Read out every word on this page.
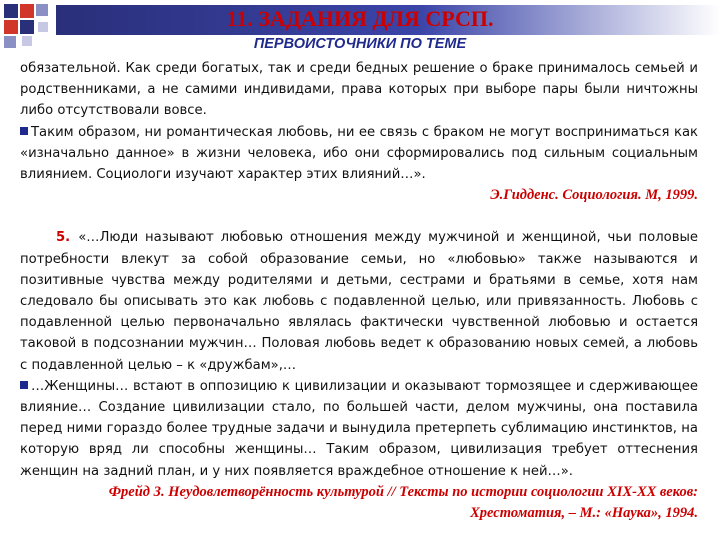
11. ЗАДАНИЯ ДЛЯ СРСП.
ПЕРВОИСТОЧНИКИ ПО ТЕМЕ

обязательной. Как среди богатых, так и среди бедных решение о браке принималось семьей и родственниками, а не самими индивидами, права которых при выборе пары были ничтожны либо отсутствовали вовсе.

Таким образом, ни романтическая любовь, ни ее связь с браком не могут восприниматься как «изначально данное» в жизни человека, ибо они сформировались под сильным социальным влиянием. Социологи изучают характер этих влияний…».

Э.Гидденс. Социология. М, 1999.

5. «…Люди называют любовью отношения между мужчиной и женщиной, чьи половые потребности влекут за собой образование семьи, но «любовью» также называются и позитивные чувства между родителями и детьми, сестрами и братьями в семье, хотя нам следовало бы описывать это как любовь с подавленной целью, или привязанность. Любовь с подавленной целью первоначально являлась фактически чувственной любовью и остается таковой в подсознании мужчин… Половая любовь ведет к образованию новых семей, а любовь с подавленной целью – к «дружбам»,…

…Женщины… встают в оппозицию к цивилизации и оказывают тормозящее и сдерживающее влияние… Создание цивилизации стало, по большей части, делом мужчины, она поставила перед ними гораздо более трудные задачи и вынудила претерпеть сублимацию инстинктов, на которую вряд ли способны женщины… Таким образом, цивилизация требует оттеснения женщин на задний план, и у них появляется враждебное отношение к ней…».

Фрейд З. Неудовлетворённость культурой // Тексты по истории социологии XIX-XX веков:

Хрестоматия, – М.: «Наука», 1994.
